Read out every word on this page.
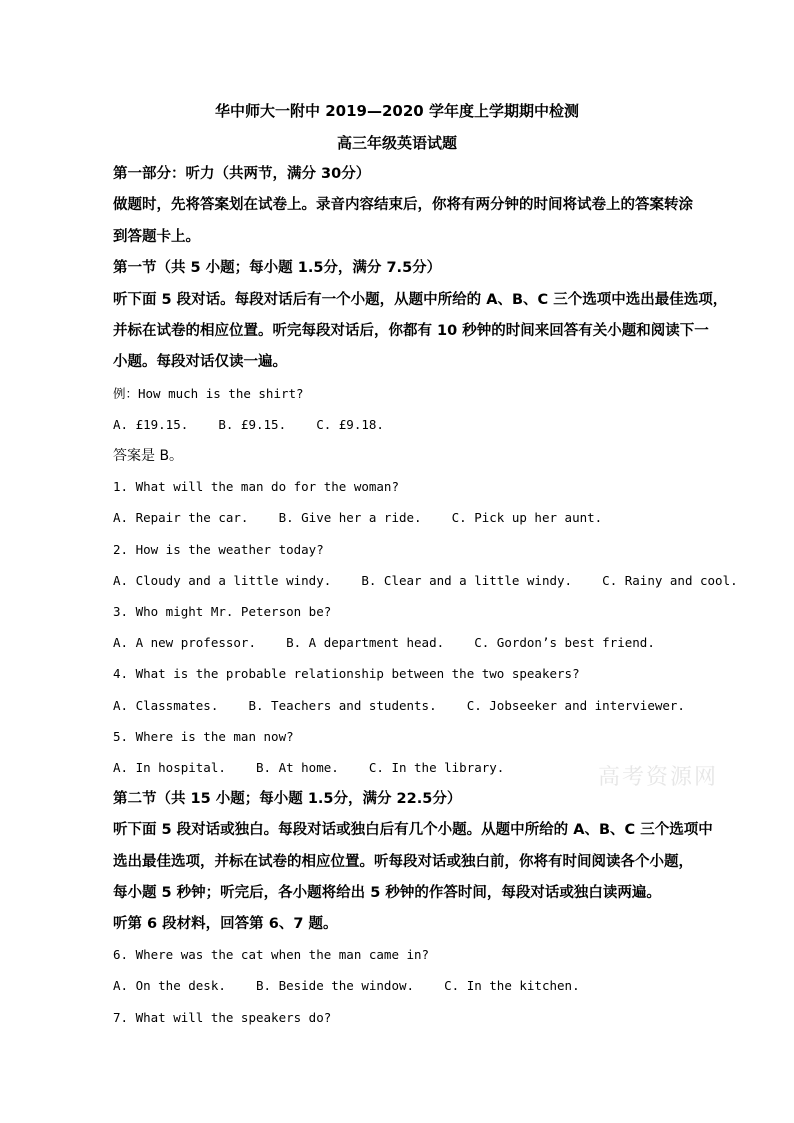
华中师大一附中 2019—2020 学年度上学期期中检测
高三年级英语试题
第一部分：听力（共两节，满分 30分）
做题时，先将答案划在试卷上。录音内容结束后，你将有两分钟的时间将试卷上的答案转涂
到答题卡上。
第一节（共 5 小题；每小题 1.5分，满分 7.5分）
听下面 5 段对话。每段对话后有一个小题，从题中所给的 A、B、C 三个选项中选出最佳选项，
并标在试卷的相应位置。听完每段对话后，你都有 10 秒钟的时间来回答有关小题和阅读下一
小题。每段对话仅读一遍。
例：How much is the shirt?
A. £19.15.    B. £9.15.    C. £9.18.
答案是 B。
1. What will the man do for the woman?
A. Repair the car.    B. Give her a ride.    C. Pick up her aunt.
2. How is the weather today?
A. Cloudy and a little windy.    B. Clear and a little windy.    C. Rainy and cool.
3. Who might Mr. Peterson be?
A. A new professor.    B. A department head.    C. Gordon’s best friend.
4. What is the probable relationship between the two speakers?
A. Classmates.    B. Teachers and students.    C. Jobseeker and interviewer.
5. Where is the man now?
A. In hospital.    B. At home.    C. In the library.
第二节（共 15 小题；每小题 1.5分，满分 22.5分）
听下面 5 段对话或独白。每段对话或独白后有几个小题。从题中所给的 A、B、C 三个选项中
选出最佳选项，并标在试卷的相应位置。听每段对话或独白前，你将有时间阅读各个小题，
每小题 5 秒钟；听完后，各小题将给出 5 秒钟的作答时间，每段对话或独白读两遍。
听第 6 段材料，回答第 6、7 题。
6. Where was the cat when the man came in?
A. On the desk.    B. Beside the window.    C. In the kitchen.
7. What will the speakers do?
高考资源网
